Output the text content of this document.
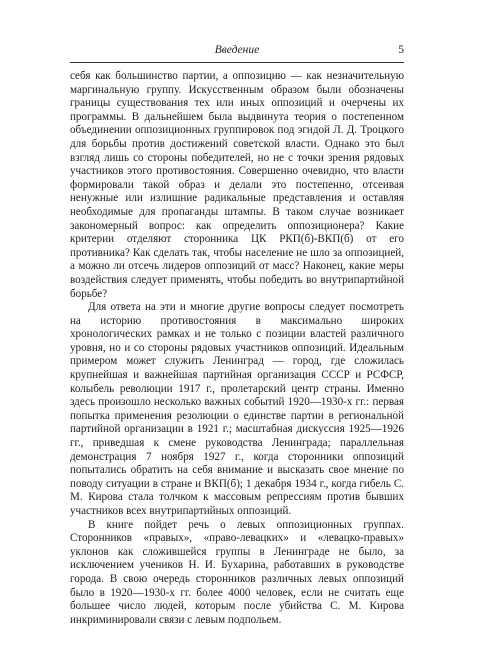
Введение	5

себя как большинство партии, а оппозицию — как незначительную маргинальную группу. Искусственным образом были обозначены границы существования тех или иных оппозиций и очерчены их программы. В дальнейшем была выдвинута теория о постепенном объединении оппозиционных группировок под эгидой Л. Д. Троцкого для борьбы против достижений советской власти. Однако это был взгляд лишь со стороны победителей, но не с точки зрения рядовых участников этого противостояния. Совершенно очевидно, что власти формировали такой образ и делали это постепенно, отсеивая ненужные или излишние радикальные представления и оставляя необходимые для пропаганды штампы. В таком случае возникает закономерный вопрос: как определить оппозиционера? Какие критерии отделяют сторонника ЦК РКП(б)-ВКП(б) от его противника? Как сделать так, чтобы население не шло за оппозицией, а можно ли отсечь лидеров оппозиций от масс? Наконец, какие меры воздействия следует применять, чтобы победить во внутрипартийной борьбе?

Для ответа на эти и многие другие вопросы следует посмотреть на историю противостояния в максимально широких хронологических рамках и не только с позиции властей различного уровня, но и со стороны рядовых участников оппозиций. Идеальным примером может служить Ленинград — город, где сложилась крупнейшая и важнейшая партийная организация СССР и РСФСР, колыбель революции 1917 г., пролетарский центр страны. Именно здесь произошло несколько важных событий 1920—1930-х гг.: первая попытка применения резолюции о единстве партии в региональной партийной организации в 1921 г.; масштабная дискуссия 1925—1926 гг., приведшая к смене руководства Ленинграда; параллельная демонстрация 7 ноября 1927 г., когда сторонники оппозиций попытались обратить на себя внимание и высказать свое мнение по поводу ситуации в стране и ВКП(б); 1 декабря 1934 г., когда гибель С. М. Кирова стала толчком к массовым репрессиям против бывших участников всех внутрипартийных оппозиций.

В книге пойдет речь о левых оппозиционных группах. Сторонников «правых», «право-левацких» и «левацко-правых» уклонов как сложившейся группы в Ленинграде не было, за исключением учеников Н. И. Бухарина, работавших в руководстве города. В свою очередь сторонников различных левых оппозиций было в 1920—1930-х гг. более 4000 человек, если не считать еще большее число людей, которым после убийства С. М. Кирова инкриминировали связи с левым подпольем.
